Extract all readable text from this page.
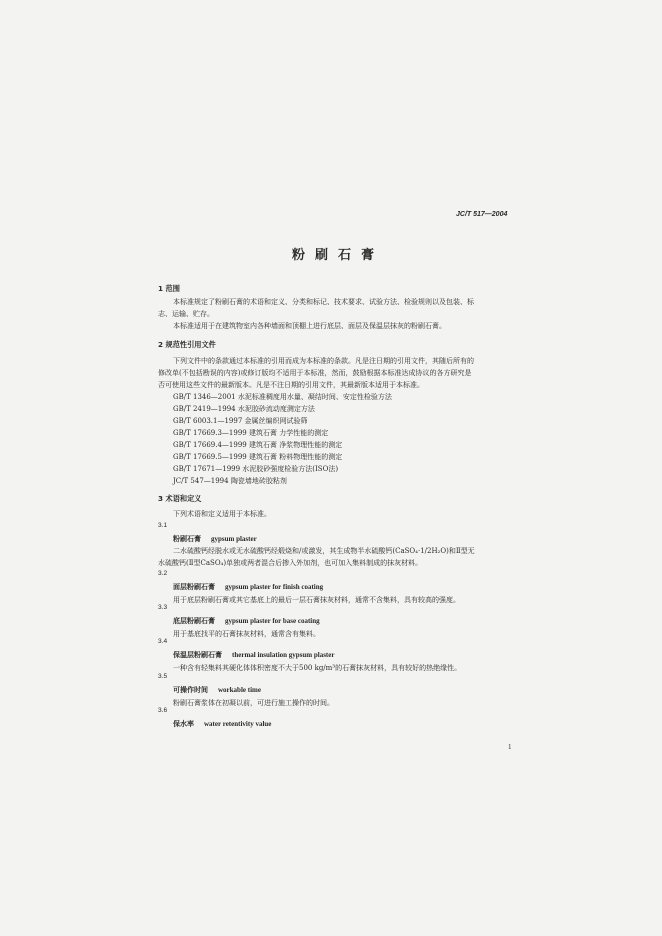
JC/T 517—2004
粉刷石膏
1 范围
本标准规定了粉刷石膏的术语和定义、分类和标记、技术要求、试验方法、检验规则以及包装、标
志、运输、贮存。
本标准适用于在建筑物室内各种墙面和顶棚上进行底层、面层及保温层抹灰的粉刷石膏。
2 规范性引用文件
下列文件中的条款通过本标准的引用而成为本标准的条款。凡是注日期的引用文件，其随后所有的
修改单(不包括勘误的内容)或修订版均不适用于本标准，然而，鼓励根据本标准达成协议的各方研究是
否可使用这些文件的最新版本。凡是不注日期的引用文件，其最新版本适用于本标准。
GB/T 1346—2001 水泥标准稠度用水量、凝结时间、安定性检验方法
GB/T 2419—1994 水泥胶砂流动度测定方法
GB/T 6003.1—1997 金属丝编织网试验筛
GB/T 17669.3—1999 建筑石膏 力学性能的测定
GB/T 17669.4—1999 建筑石膏 净浆物理性能的测定
GB/T 17669.5—1999 建筑石膏 粉料物理性能的测定
GB/T 17671—1999 水泥胶砂强度检验方法(ISO法)
JC/T 547—1994 陶瓷墙地砖胶粘剂
3 术语和定义
下列术语和定义适用于本标准。
3.1
粉刷石膏 gypsum plaster
二水硫酸钙经脱水或无水硫酸钙经煅烧和/或激发，其生成物半水硫酸钙(CaSO₄·1/2H₂O)和Ⅱ型无
水硫酸钙(Ⅱ型CaSO₄)单独或两者混合后掺入外加剂，也可加入集料制成的抹灰材料。
3.2
面层粉刷石膏 gypsum plaster for finish coating
用于底层粉刷石膏或其它基底上的最后一层石膏抹灰材料，通常不含集料，具有较高的强度。
3.3
底层粉刷石膏 gypsum plaster for base coating
用于基底找平的石膏抹灰材料，通常含有集料。
3.4
保温层粉刷石膏 thermal insulation gypsum plaster
一种含有轻集料其硬化体体积密度不大于500 kg/m³的石膏抹灰材料，具有较好的热绝缘性。
3.5
可操作时间 workable time
粉刷石膏浆体在初凝以前，可进行施工操作的时间。
3.6
保水率 water retentivity value
1
